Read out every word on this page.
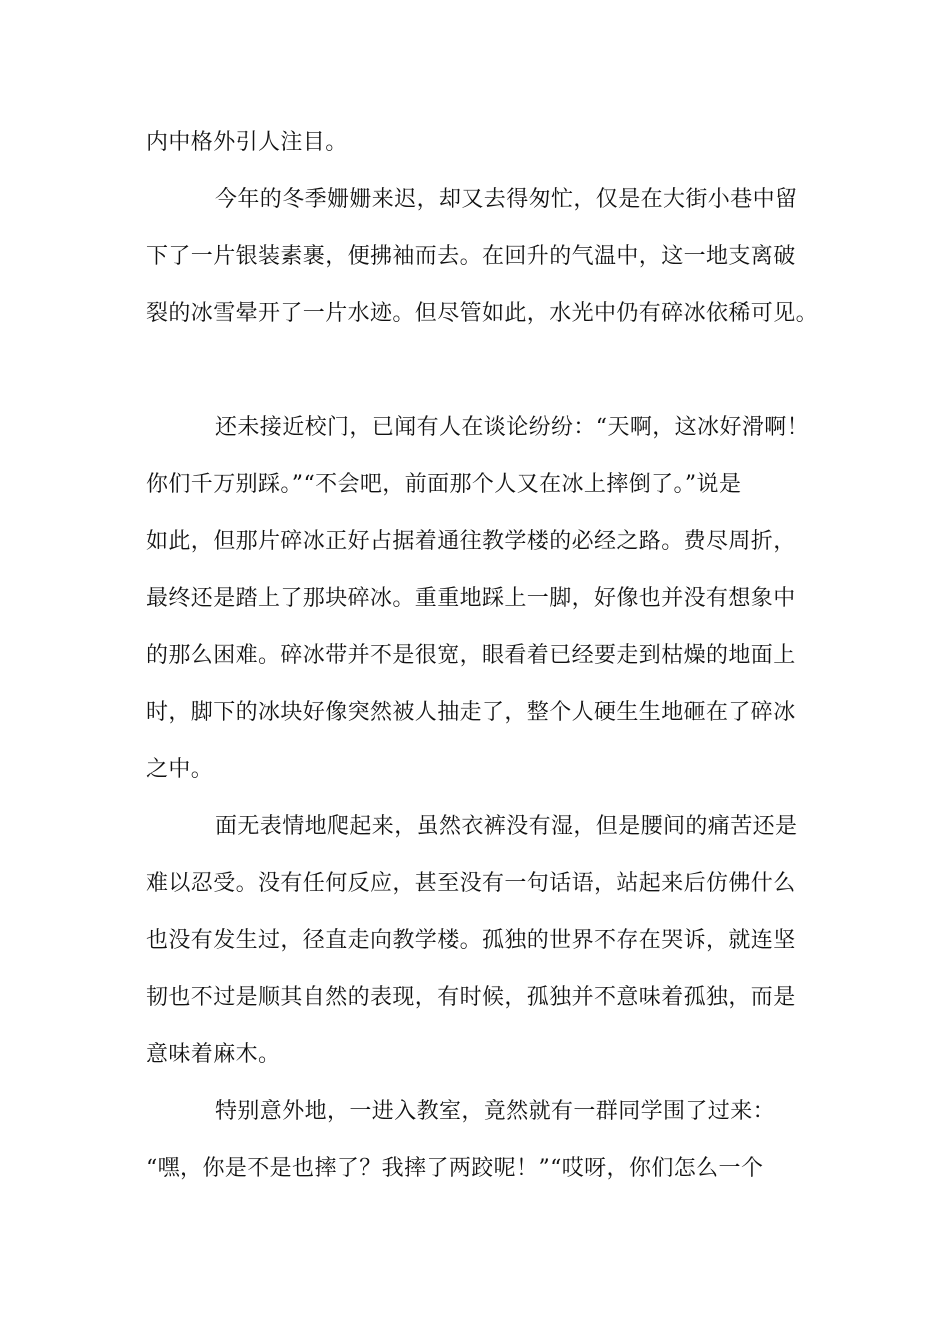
内中格外引人注目。
今年的冬季姗姗来迟，却又去得匆忙，仅是在大街小巷中留
下了一片银装素裹，便拂袖而去。在回升的气温中，这一地支离破
裂的冰雪晕开了一片水迹。但尽管如此，水光中仍有碎冰依稀可见。
还未接近校门，已闻有人在谈论纷纷：“天啊，这冰好滑啊！
你们千万别踩。”“不会吧，前面那个人又在冰上摔倒了。”说是
如此，但那片碎冰正好占据着通往教学楼的必经之路。费尽周折，
最终还是踏上了那块碎冰。重重地踩上一脚，好像也并没有想象中
的那么困难。碎冰带并不是很宽，眼看着已经要走到枯燥的地面上
时，脚下的冰块好像突然被人抽走了，整个人硬生生地砸在了碎冰
之中。
面无表情地爬起来，虽然衣裤没有湿，但是腰间的痛苦还是
难以忍受。没有任何反应，甚至没有一句话语，站起来后仿佛什么
也没有发生过，径直走向教学楼。孤独的世界不存在哭诉，就连坚
韧也不过是顺其自然的表现，有时候，孤独并不意味着孤独，而是
意味着麻木。
特别意外地，一进入教室，竟然就有一群同学围了过来：
“嘿，你是不是也摔了？我摔了两跤呢！”“哎呀，你们怎么一个
